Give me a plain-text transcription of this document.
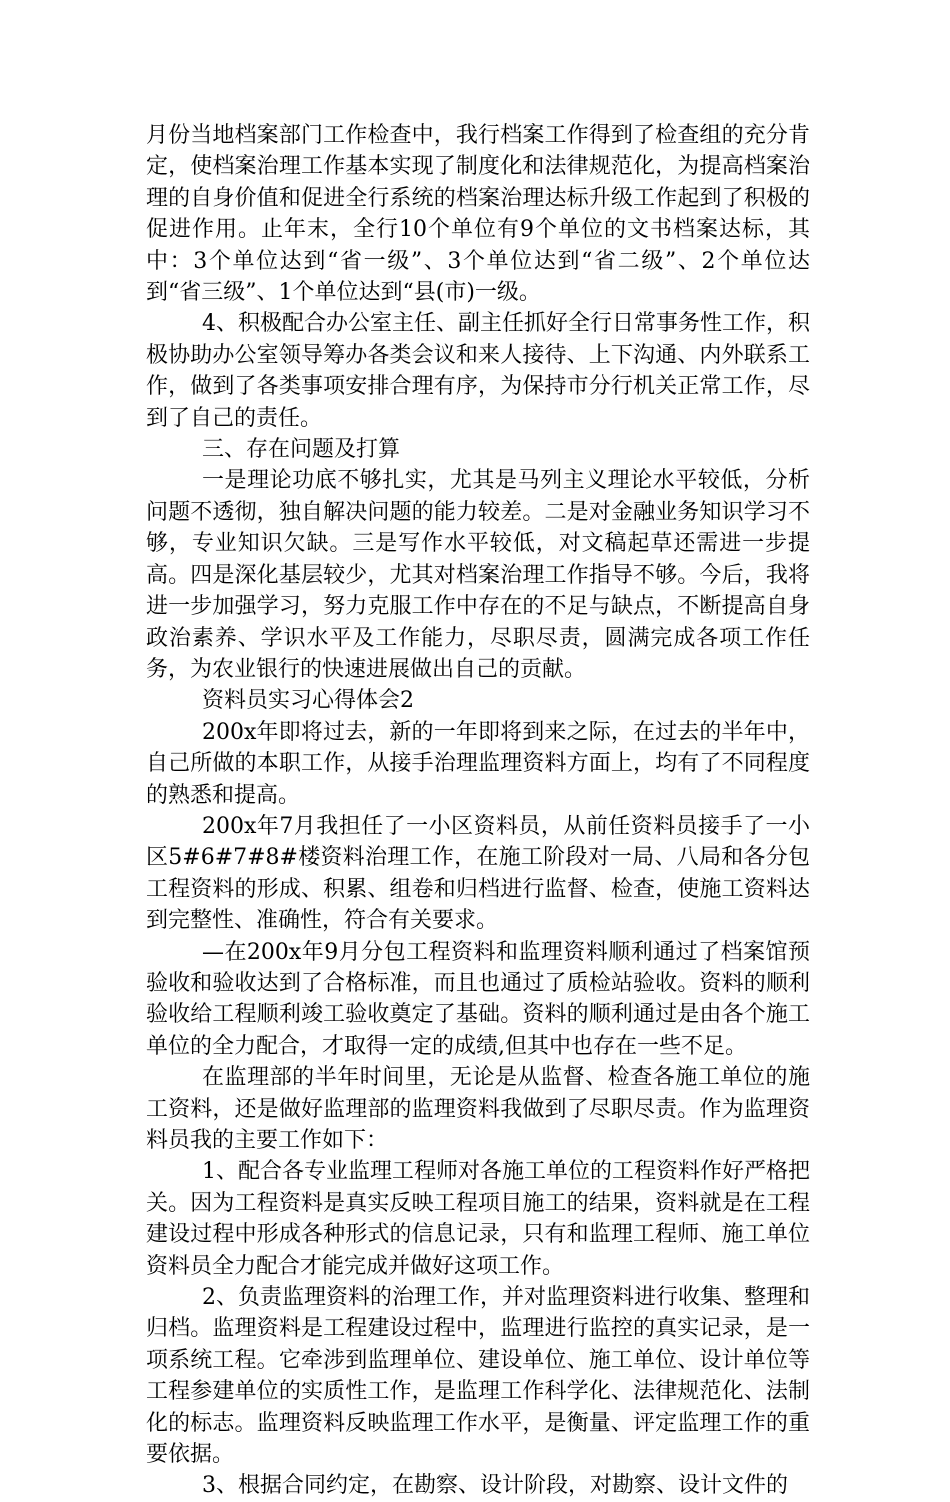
月份当地档案部门工作检查中，我行档案工作得到了检查组的充分肯定，使档案治理工作基本实现了制度化和法律规范化，为提高档案治理的自身价值和促进全行系统的档案治理达标升级工作起到了积极的促进作用。止年末，全行10个单位有9个单位的文书档案达标，其中：3个单位达到“省一级”、3个单位达到“省二级”、2个单位达到“省三级”、1个单位达到“县(市)一级。

4、积极配合办公室主任、副主任抓好全行日常事务性工作，积极协助办公室领导筹办各类会议和来人接待、上下沟通、内外联系工作，做到了各类事项安排合理有序，为保持市分行机关正常工作，尽到了自己的责任。

三、存在问题及打算

一是理论功底不够扎实，尤其是马列主义理论水平较低，分析问题不透彻，独自解决问题的能力较差。二是对金融业务知识学习不够，专业知识欠缺。三是写作水平较低，对文稿起草还需进一步提高。四是深化基层较少，尤其对档案治理工作指导不够。今后，我将进一步加强学习，努力克服工作中存在的不足与缺点，不断提高自身政治素养、学识水平及工作能力，尽职尽责，圆满完成各项工作任务，为农业银行的快速进展做出自己的贡献。

资料员实习心得体会2

200x年即将过去，新的一年即将到来之际，在过去的半年中，自己所做的本职工作，从接手治理监理资料方面上，均有了不同程度的熟悉和提高。

200x年7月我担任了一小区资料员，从前任资料员接手了一小区5#6#7#8#楼资料治理工作，在施工阶段对一局、八局和各分包工程资料的形成、积累、组卷和归档进行监督、检查，使施工资料达到完整性、准确性，符合有关要求。

—在200x年9月分包工程资料和监理资料顺利通过了档案馆预验收和验收达到了合格标准，而且也通过了质检站验收。资料的顺利验收给工程顺利竣工验收奠定了基础。资料的顺利通过是由各个施工单位的全力配合，才取得一定的成绩,但其中也存在一些不足。

在监理部的半年时间里，无论是从监督、检查各施工单位的施工资料，还是做好监理部的监理资料我做到了尽职尽责。作为监理资料员我的主要工作如下：

1、配合各专业监理工程师对各施工单位的工程资料作好严格把关。因为工程资料是真实反映工程项目施工的结果，资料就是在工程建设过程中形成各种形式的信息记录，只有和监理工程师、施工单位资料员全力配合才能完成并做好这项工作。

2、负责监理资料的治理工作，并对监理资料进行收集、整理和归档。监理资料是工程建设过程中，监理进行监控的真实记录，是一项系统工程。它牵涉到监理单位、建设单位、施工单位、设计单位等工程参建单位的实质性工作，是监理工作科学化、法律规范化、法制化的标志。监理资料反映监理工作水平，是衡量、评定监理工作的重要依据。

3、根据合同约定，在勘察、设计阶段，对勘察、设计文件的
